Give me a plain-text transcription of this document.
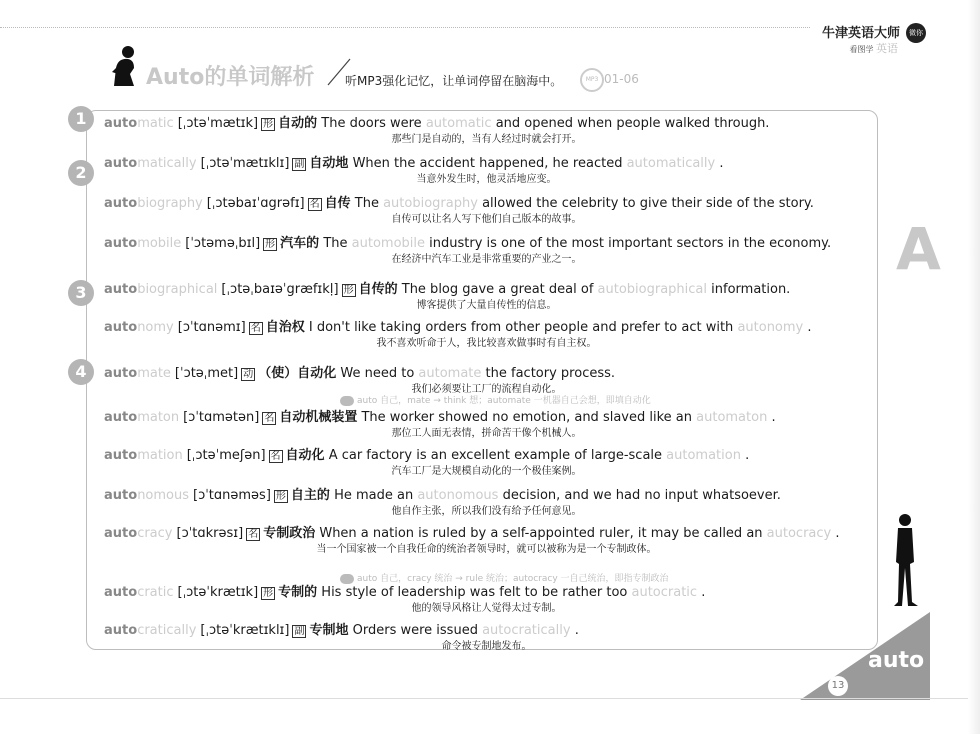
牛津英语大师	微你
看图学 英语
Auto的单词解析	听MP3强化记忆，让单词停留在脑海中。	MP3 01-06
1
2
3
4
automatic [ˌɔtəˈmætɪk] 形 自动的 The doors were automatic and opened when people walked through.
那些门是自动的，当有人经过时就会打开。
automatically [ˌɔtəˈmætɪklɪ] 副 自动地 When the accident happened, he reacted automatically .
当意外发生时，他灵活地应变。
autobiography [ˌɔtəbaɪˈɑgrəfɪ] 名 自传 The autobiography allowed the celebrity to give their side of the story.
自传可以让名人写下他们自己版本的故事。
automobile [ˈɔtəməˌbɪl] 形 汽车的 The automobile industry is one of the most important sectors in the economy.
在经济中汽车工业是非常重要的产业之一。
autobiographical [ˌɔtəˌbaɪəˈgræfɪkḷ] 形 自传的 The blog gave a great deal of autobiographical information.
博客提供了大量自传性的信息。
autonomy [ɔˈtɑnəmɪ] 名 自治权 I don't like taking orders from other people and prefer to act with autonomy .
我不喜欢听命于人，我比较喜欢做事时有自主权。
automate [ˈɔtəˌmet] 动 （使）自动化 We need to automate the factory process.
我们必须要让工厂的流程自动化。
automaton [ɔˈtɑmətən] 名 自动机械装置 The worker showed no emotion, and slaved like an automaton .
那位工人面无表情，拼命苦干像个机械人。
automation [ˌɔtəˈmeʃən] 名 自动化 A car factory is an excellent example of large-scale automation .
汽车工厂是大规模自动化的一个极佳案例。
autonomous [ɔˈtɑnəməs] 形 自主的 He made an autonomous decision, and we had no input whatsoever.
他自作主张，所以我们没有给予任何意见。
autocracy [ɔˈtɑkrəsɪ] 名 专制政治 When a nation is ruled by a self-appointed ruler, it may be called an autocracy .
当一个国家被一个自我任命的统治者领导时，就可以被称为是一个专制政体。
autocratic [ˌɔtəˈkrætɪk] 形 专制的 His style of leadership was felt to be rather too autocratic .
他的领导风格让人觉得太过专制。
autocratically [ˌɔtəˈkrætɪklɪ] 副 专制地 Orders were issued autocratically .
命令被专制地发布。
auto 自己，mate → think 想；automate 一机器自己会想，即填自动化
auto 自己，cracy 统治 → rule 统治；autocracy 一自己统治，即指专制政治
A
auto
13
